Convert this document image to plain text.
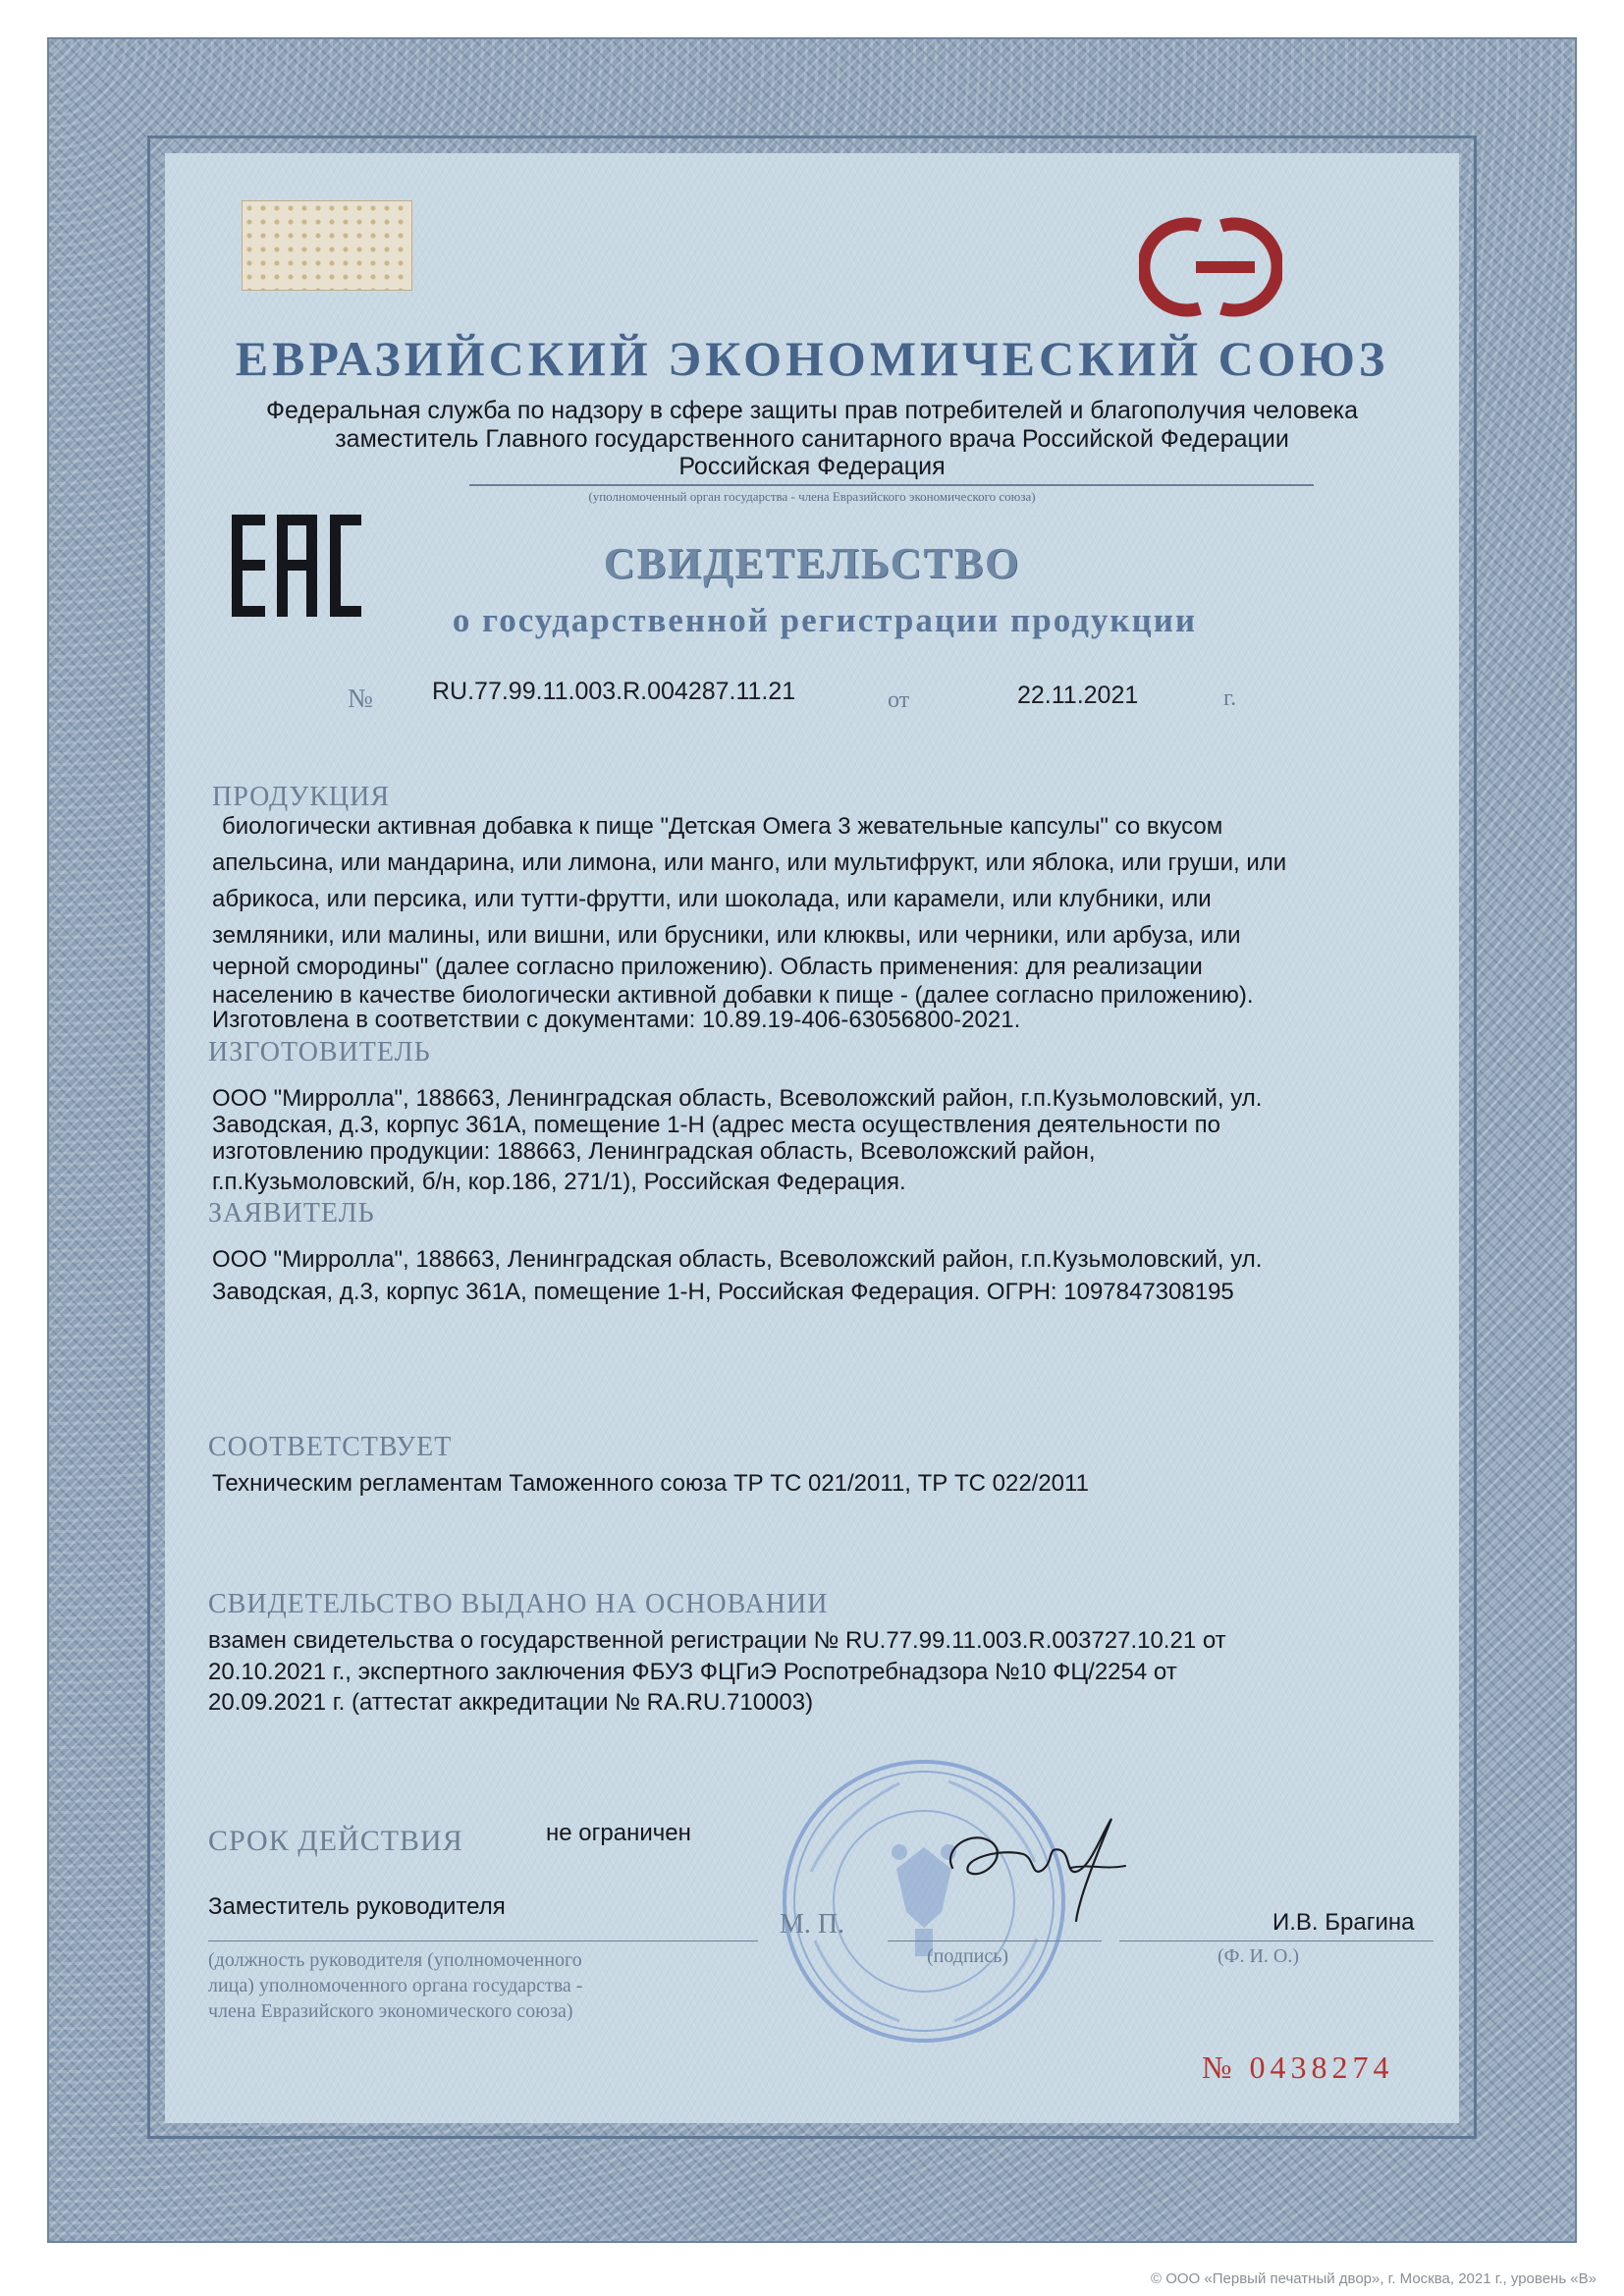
ЕВРАЗИЙСКИЙ ЭКОНОМИЧЕСКИЙ СОЮЗ
Федеральная служба по надзору в сфере защиты прав потребителей и благополучия человека
заместитель Главного государственного санитарного врача Российской Федерации
Российская Федерация
(уполномоченный орган государства - члена Евразийского экономического союза)
СВИДЕТЕЛЬСТВО
о государственной регистрации продукции
№ RU.77.99.11.003.R.004287.11.21	от	22.11.2021	г.
ПРОДУКЦИЯ
биологически активная добавка к пище "Детская Омега 3 жевательные капсулы" со вкусом
апельсина, или мандарина, или лимона, или манго, или мультифрукт, или яблока, или груши, или
абрикоса, или персика, или тутти-фрутти, или шоколада, или карамели, или клубники, или
земляники, или малины, или вишни, или брусники, или клюквы, или черники, или арбуза, или
черной смородины" (далее согласно приложению). Область применения: для реализации
населению в качестве биологически активной добавки к пище - (далее согласно приложению).
Изготовлена в соответствии с документами: 10.89.19-406-63056800-2021.
ИЗГОТОВИТЕЛЬ
ООО "Мирролла", 188663, Ленинградская область, Всеволожский район, г.п.Кузьмоловский, ул.
Заводская, д.3, корпус 361А, помещение 1-Н (адрес места осуществления деятельности по
изготовлению продукции: 188663, Ленинградская область, Всеволожский район,
г.п.Кузьмоловский, б/н, кор.186, 271/1), Российская Федерация.
ЗАЯВИТЕЛЬ
ООО "Мирролла", 188663, Ленинградская область, Всеволожский район, г.п.Кузьмоловский, ул.
Заводская, д.3, корпус 361А, помещение 1-Н, Российская Федерация. ОГРН: 1097847308195
СООТВЕТСТВУЕТ
Техническим регламентам Таможенного союза ТР ТС 021/2011, ТР ТС 022/2011
СВИДЕТЕЛЬСТВО ВЫДАНО НА ОСНОВАНИИ
взамен свидетельства о государственной регистрации № RU.77.99.11.003.R.003727.10.21 от
20.10.2021 г., экспертного заключения ФБУЗ ФЦГиЭ Роспотребнадзора №10 ФЦ/2254 от
20.09.2021 г. (аттестат аккредитации № RA.RU.710003)
СРОК ДЕЙСТВИЯ	не ограничен
Заместитель руководителя
(должность руководителя (уполномоченного
лица) уполномоченного органа государства -
члена Евразийского экономического союза)
М. П.
(подпись)
И.В. Брагина
(Ф. И. О.)
№ 0438274
© ООО «Первый печатный двор», г. Москва, 2021 г., уровень «В»
